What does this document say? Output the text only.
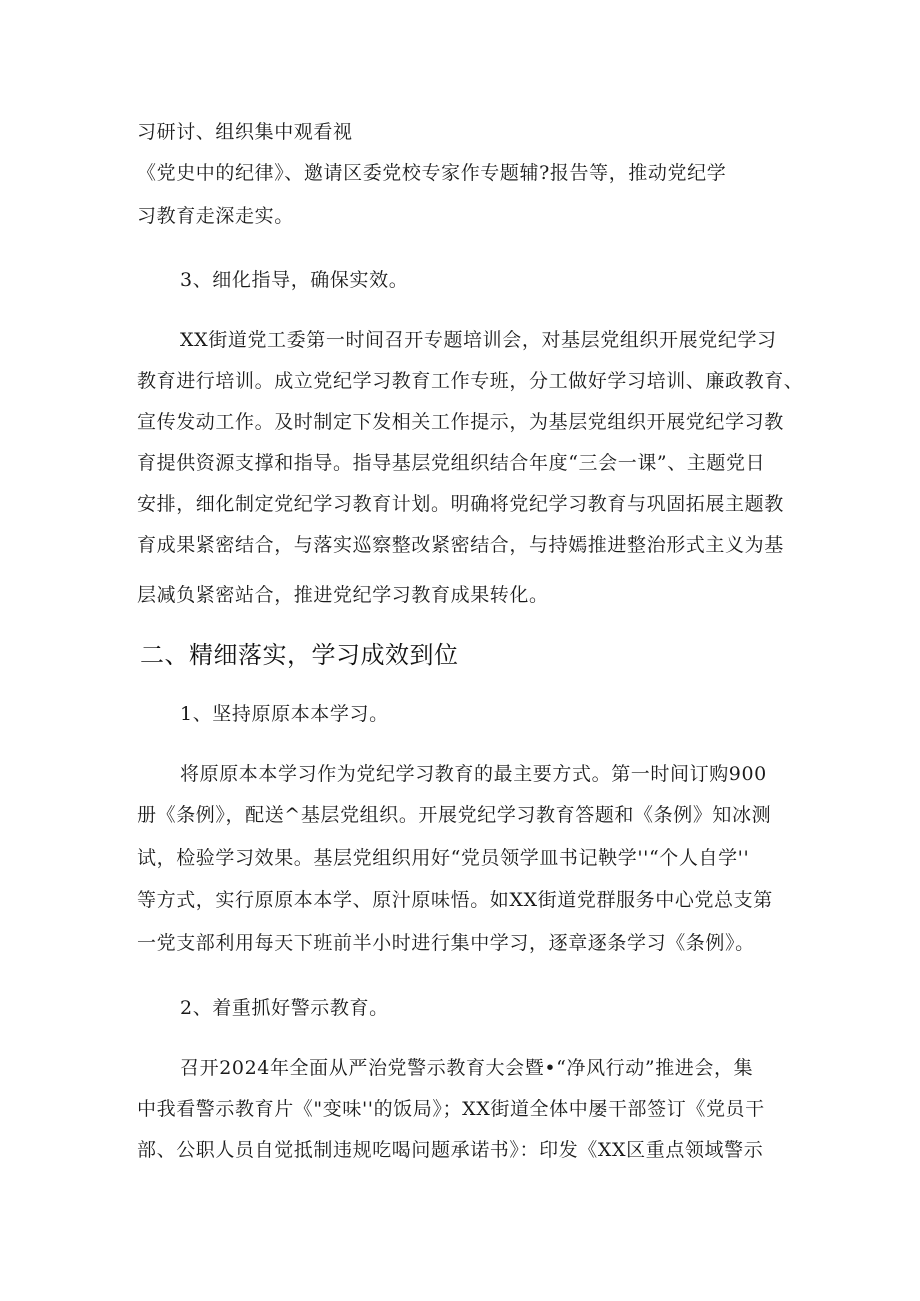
习研讨、组织集中观看视
《党史中的纪律》、邀请区委党校专家作专题辅?报告等，推动党纪学
习教育走深走实。
3、细化指导，确保实效。
XX街道党工委第一时间召开专题培训会，对基层党组织开展党纪学习
教育进行培训。成立党纪学习教育工作专班，分工做好学习培训、廉政教育、
宣传发动工作。及时制定下发相关工作提示，为基层党组织开展党纪学习教
育提供资源支撑和指导。指导基层党组织结合年度“三会一课”、主题党日
安排，细化制定党纪学习教育计划。明确将党纪学习教育与巩固拓展主题教
育成果紧密结合，与落实巡察整改紧密结合，与持嫣推进整治形式主义为基
层减负紧密站合，推进党纪学习教育成果转化。
二、精细落实，学习成效到位
1、坚持原原本本学习。
将原原本本学习作为党纪学习教育的最主要方式。第一时间订购900
册《条例》，配送^基层党组织。开展党纪学习教育答题和《条例》知冰测
试，检验学习效果。基层党组织用好“党员领学皿书记鞅学''“个人自学''
等方式，实行原原本本学、原汁原味悟。如XX街道党群服务中心党总支第
一党支部利用每天下班前半小时进行集中学习，逐章逐条学习《条例》。
2、着重抓好警示教育。
召开2024年全面从严治党警示教育大会暨•“净风行动”推进会，集
中我看警示教育片《"变味''的饭局》；XX街道全体中屡干部签订《党员干
部、公职人员自觉抵制违规吃喝问题承诺书》：印发《XX区重点领域警示
